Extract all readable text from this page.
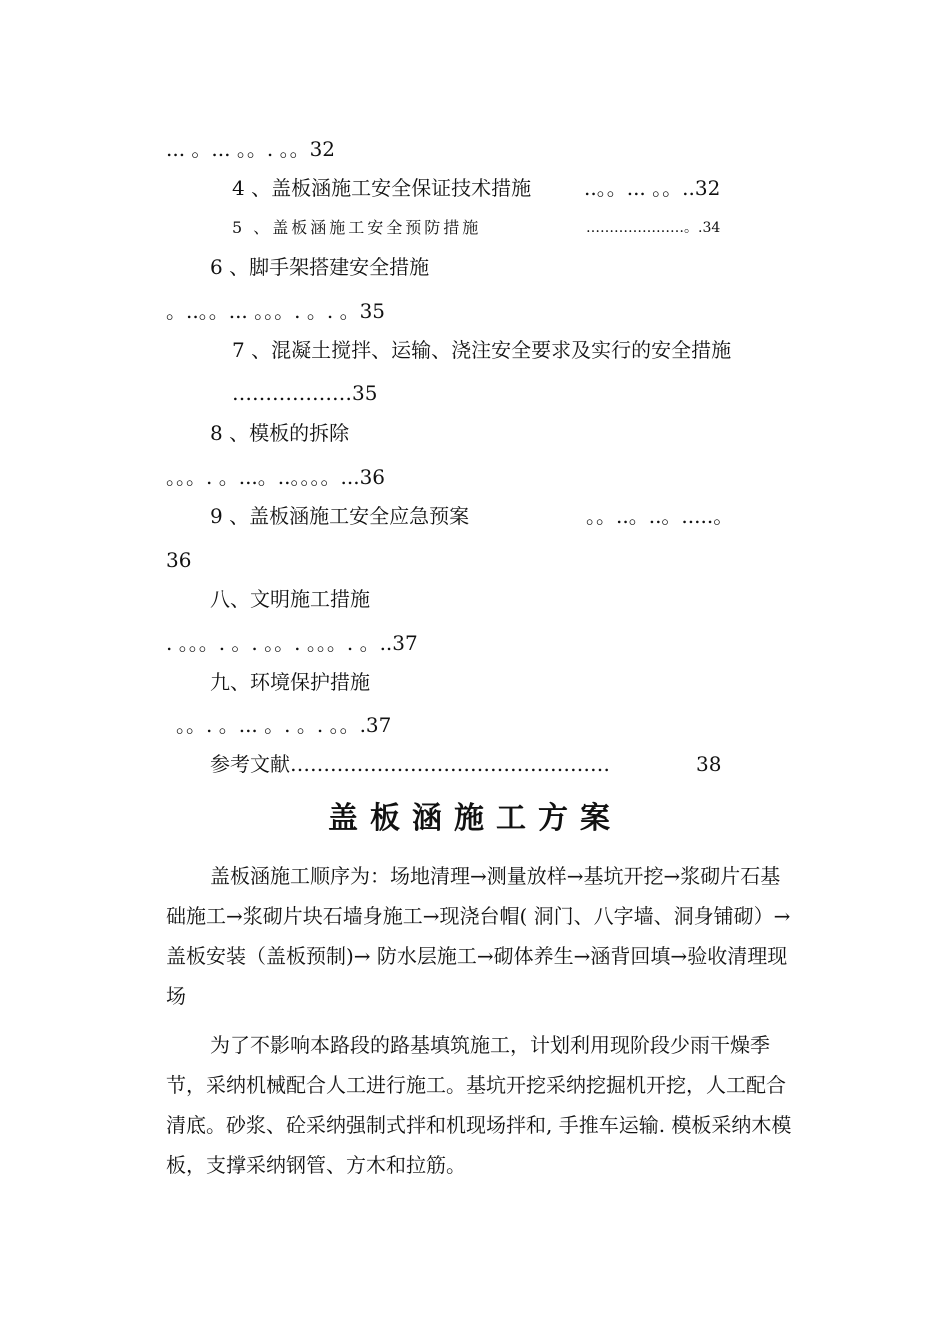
... 。... 。。. 。。32
4 、盖板涵施工安全保证技术措施	..。。... 。。..32
5 、盖板涵施工安全预防措施	…………………。.34
6 、脚手架搭建安全措施
。..。。... 。。。. 。. 。35
7 、混凝土搅拌、运输、浇注安全要求及实行的安全措施
………………35
8 、模板的拆除
。。。. 。...。..。。。。...36
9 、盖板涵施工安全应急预案	。。..。..。.....。
36
八、文明施工措施
. 。。。. 。. 。。. 。。。. 。..37
九、环境保护措施
。。. 。... 。. 。. 。。.37
参考文献…………………………………………	38
盖板涵施工方案
盖板涵施工顺序为：场地清理→测量放样→基坑开挖→浆砌片石基础施工→浆砌片块石墙身施工→现浇台帽( 洞门、八字墙、洞身铺砌）→盖板安装（盖板预制)→ 防水层施工→砌体养生→涵背回填→验收清理现场
为了不影响本路段的路基填筑施工，计划利用现阶段少雨干燥季节，采纳机械配合人工进行施工。基坑开挖采纳挖掘机开挖，人工配合清底。砂浆、砼采纳强制式拌和机现场拌和, 手推车运输. 模板采纳木模板，支撑采纳钢管、方木和拉筋。
